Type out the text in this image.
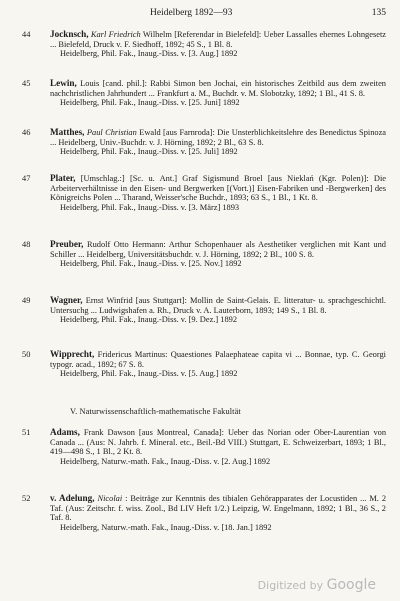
Heidelberg 1892—93	135
44	Jocknsch, Karl Friedrich Wilhelm [Referendar in Bielefeld]: Ueber Lassalles ehernes Lohngesetz ... Bielefeld, Druck v. F. Siedhoff, 1892; 45 S., 1 Bl. 8.
Heidelberg, Phil. Fak., Inaug.-Diss. v. [3. Aug.] 1892
45	Lewin, Louis [cand. phil.]: Rabbi Simon ben Jochai, ein historisches Zeitbild aus dem zweiten nachchristlichen Jahrhundert ... Frankfurt a. M., Buchdr. v. M. Slobotzky, 1892; 1 Bl., 41 S. 8.
Heidelberg, Phil. Fak., Inaug.-Diss. v. [25. Juni] 1892
46	Matthes, Paul Christian Ewald [aus Farnroda]: Die Unsterblichkeitslehre des Benedictus Spinoza ... Heidelberg, Univ.-Buchdr. v. J. Hörning, 1892; 2 Bl., 63 S. 8.
Heidelberg, Phil. Fak., Inaug.-Diss. v. [25. Juli] 1892
47	Plater, [Umschlag.:] [Sc. u. Ant.] Graf Sigismund Broel [aus Nieklań (Kgr. Polen)]: Die Arbeiterverhältnisse in den Eisen- und Bergwerken [(Vort.)] Eisen-Fabriken und -Bergwerken] des Königreichs Polen ... Tharand, Weisser'sche Buchdr., 1893; 63 S., 1 Bl., 1 Kt. 8.
Heidelberg, Phil. Fak., Inaug.-Diss. v. [3. März] 1893
48	Preuber, Rudolf Otto Hermann: Arthur Schopenhauer als Aesthetiker verglichen mit Kant und Schiller ... Heidelberg, Universitätsbuchdr. v. J. Hörning, 1892; 2 Bl., 100 S. 8.
Heidelberg, Phil. Fak., Inaug.-Diss. v. [25. Nov.] 1892
49	Wagner, Ernst Winfrid [aus Stuttgart]: Mollin de Saint-Gelais. E. litteratur- u. sprachgeschichtl. Untersuchg ... Ludwigshafen a. Rh., Druck v. A. Lauterborn, 1893; 149 S., 1 Bl. 8.
Heidelberg, Phil. Fak., Inaug.-Diss. v. [9. Dez.] 1892
50	Wipprecht, Fridericus Martinus: Quaestiones Palaephateae capita vi ... Bonnae, typ. C. Georgi typogr. acad., 1892; 67 S. 8.
Heidelberg, Phil. Fak., Inaug.-Diss. v. [5. Aug.] 1892
V. Naturwissenschaftlich-mathematische Fakultät
51	Adams, Frank Dawson [aus Montreal, Canada]: Ueber das Norian oder Ober-Laurentian von Canada ... (Aus: N. Jahrb. f. Mineral. etc., Beil.-Bd VIII.) Stuttgart, E. Schweizerbart, 1893; 1 Bl., 419—498 S., 1 Bl., 2 Kt. 8.
Heidelberg, Naturw.-math. Fak., Inaug.-Diss. v. [2. Aug.] 1892
52	v. Adelung, Nicolai : Beiträge zur Kenntnis des tibialen Gehörapparates der Locustiden ... M. 2 Taf. (Aus: Zeitschr. f. wiss. Zool., Bd LIV Heft 1/2.) Leipzig, W. Engelmann, 1892; 1 Bl., 36 S., 2 Taf. 8.
Heidelberg, Naturw.-math. Fak., Inaug.-Diss. v. [18. Jan.] 1892
Digitized by Google
